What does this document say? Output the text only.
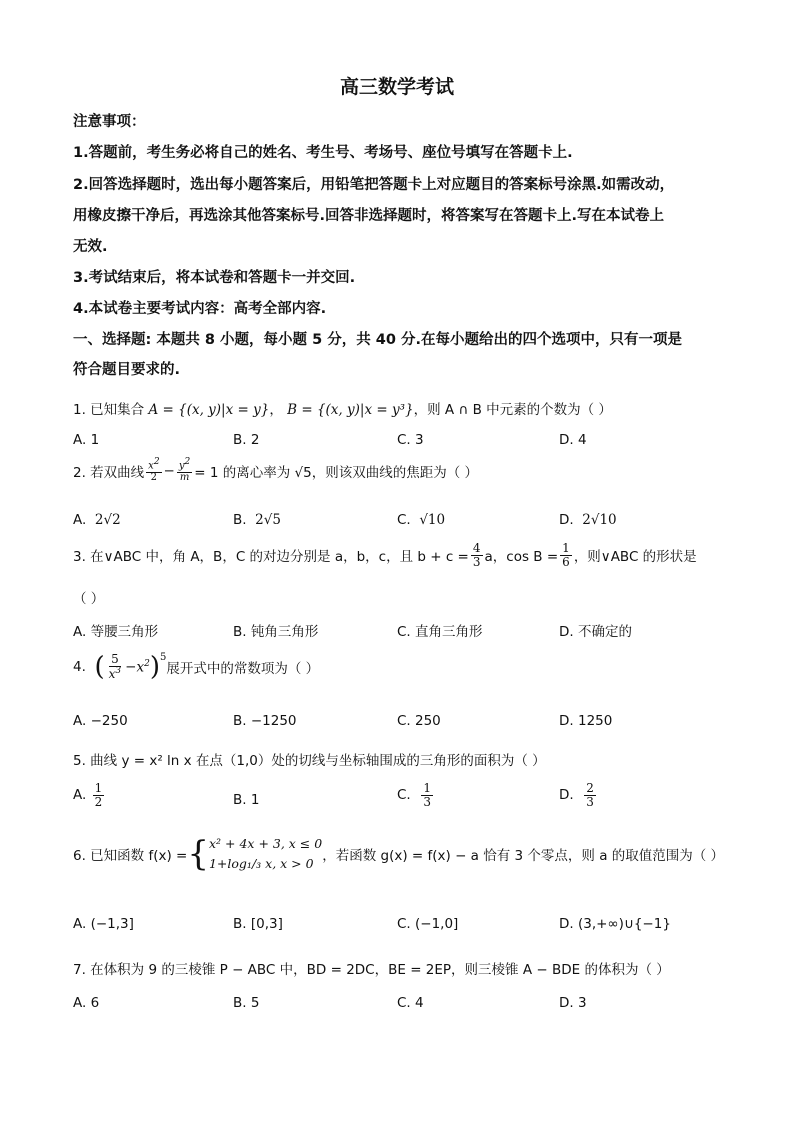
高三数学考试
注意事项：
1.答题前，考生务必将自己的姓名、考生号、考场号、座位号填写在答题卡上.
2.回答选择题时，选出每小题答案后，用铅笔把答题卡上对应题目的答案标号涂黑.如需改动，
用橡皮擦干净后，再选涂其他答案标号.回答非选择题时，将答案写在答题卡上.写在本试卷上
无效.
3.考试结束后，将本试卷和答题卡一并交回.
4.本试卷主要考试内容：高考全部内容.
一、选择题: 本题共 8 小题，每小题 5 分，共 40 分.在每小题给出的四个选项中，只有一项是
符合题目要求的.
1. 已知集合 A = {(x, y)|x = y}， B = {(x, y)|x = y³}，则 A ∩ B 中元素的个数为（ ）
A. 1	B. 2	C. 3	D. 4
2. 若双曲线 $\frac{x^2}{2} - \frac{y^2}{m} = 1$ 的离心率为 √5，则该双曲线的焦距为（ ）
A. 2√2	B. 2√5	C. √10	D. 2√10
3. 在∨ABC 中，角 A，B，C 的对边分别是 a，b，c，且 $b + c = \frac{4}{3}$ a，$\cos B = \frac{1}{6}$ ，则∨ABC 的形状是
（ ）
A. 等腰三角形	B. 钝角三角形	C. 直角三角形	D. 不确定的
4.
( $\frac{5}{x^3} - x^2$ )$^5$
展开式中的常数项为（ ）
A. −250	B. −1250	C. 250	D. 1250
5. 曲线 y = x² ln x 在点（1,0）处的切线与坐标轴围成的三角形的面积为（ ）
A.
$\frac{1}{2}$	B. 1	C.
$\frac{1}{3}$	D.
$\frac{2}{3}$
6. 已知函数 f(x) = { x² + 4x + 3, x ≤ 0
1+log₁/₃ x, x > 0 ，若函数 g(x) = f(x) − a 恰有 3 个零点，则 a 的取值范围为（ ）
A. (−1,3]	B. [0,3]	C. (−1,0]	D. (3,+∞)∪{−1}
7. 在体积为 9 的三棱锥 P − ABC 中，BD = 2DC，BE = 2EP，则三棱锥 A − BDE 的体积为（ ）
A. 6	B. 5	C. 4	D. 3
